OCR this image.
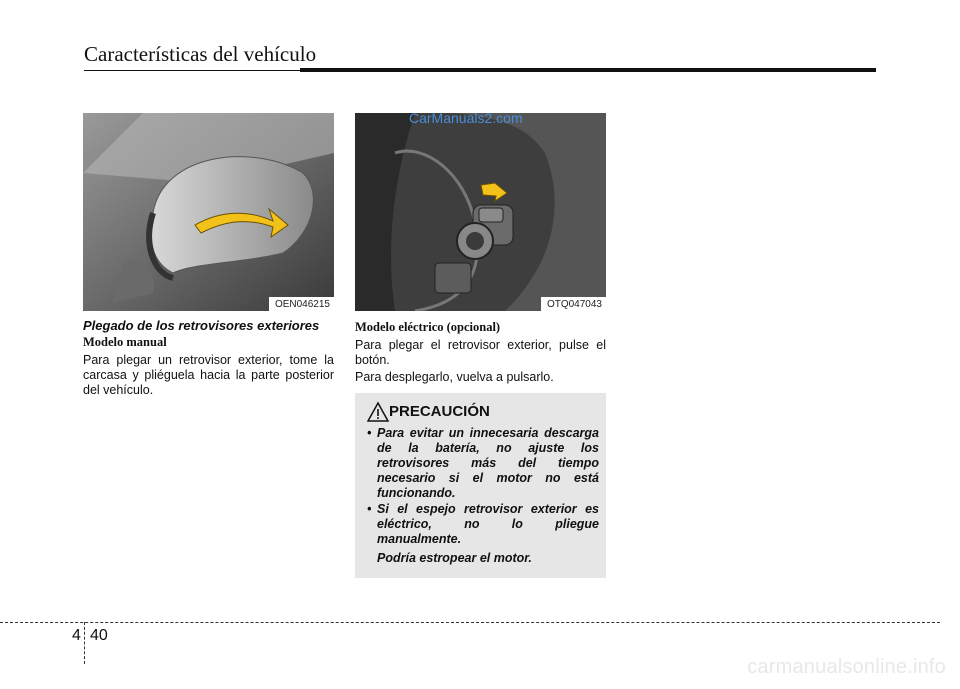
Características del vehículo
OEN046215	OTQ047043
CarManuals2.com
Plegado de los retrovisores exteriores
Modelo manual
Para plegar un retrovisor exterior, tome la carcasa y pliéguela hacia la parte posterior del vehículo.
Modelo eléctrico (opcional)
Para plegar el retrovisor exterior, pulse el botón.
Para desplegarlo, vuelva a pulsarlo.
PRECAUCIÓN
• Para evitar un innecesaria descarga de la batería, no ajuste los retrovisores más del tiempo necesario si el motor no está funcionando.
• Si el espejo retrovisor exterior es eléctrico, no lo pliegue manualmente.
Podría estropear el motor.
4 40
carmanualsonline.info
